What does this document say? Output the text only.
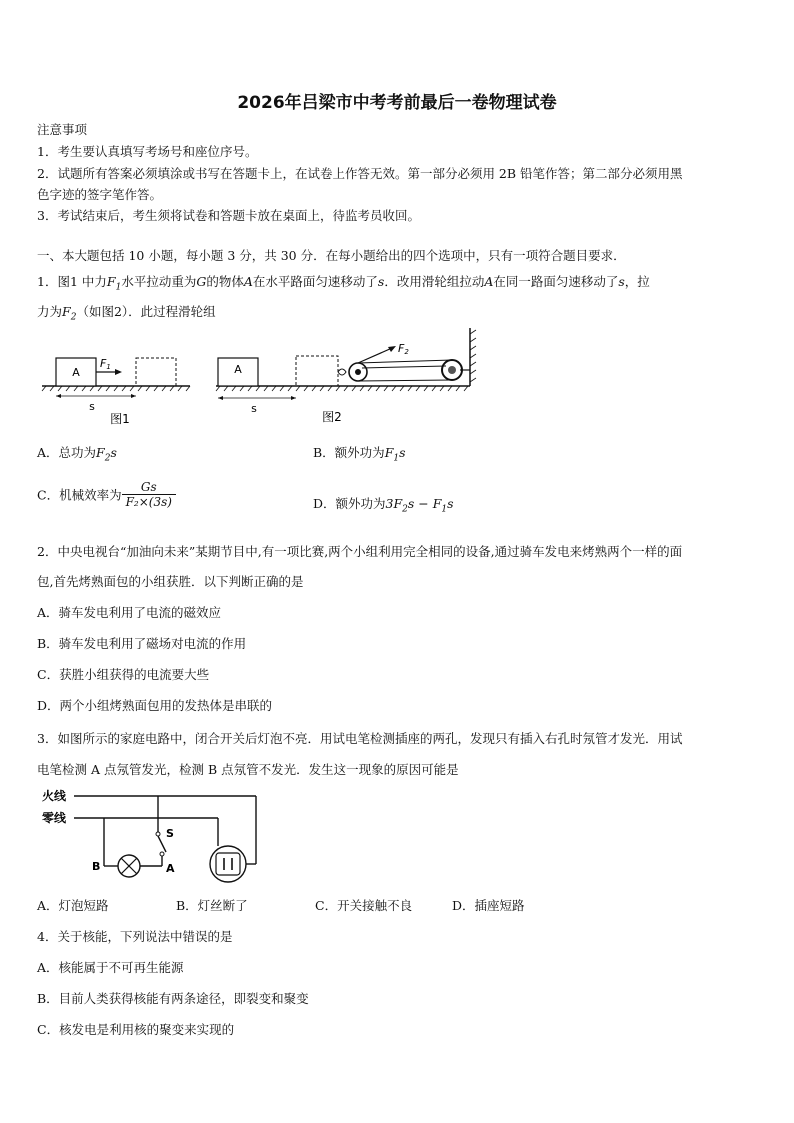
2026年吕梁市中考考前最后一卷物理试卷
注意事项
1．考生要认真填写考场号和座位序号。
2．试题所有答案必须填涂或书写在答题卡上，在试卷上作答无效。第一部分必须用 2B 铅笔作答；第二部分必须用黑
色字迹的签字笔作答。
3．考试结束后，考生须将试卷和答题卡放在桌面上，待监考员收回。
一、本大题包括 10 小题，每小题 3 分，共 30 分．在每小题给出的四个选项中，只有一项符合题目要求．
1．图1 中力$F_1$水平拉动重为G的物体A在水平路面匀速移动了s．改用滑轮组拉动A在同一路面匀速移动了s，拉
力为$F_2$（如图2）．此过程滑轮组
A
F1
s
图1
A
F2
s
图2
A．总功为$F_2s$	B．额外功为$F_1s$
C．机械效率为 $\frac{Gs}{\text{F₂×(3s)}}$	D．额外功为$3F_2s - F_1s$
2．中央电视台“加油向未来”某期节目中,有一项比赛,两个小组利用完全相同的设备,通过骑车发电来烤熟两个一样的面
包,首先烤熟面包的小组获胜．以下判断正确的是
A．骑车发电利用了电流的磁效应
B．骑车发电利用了磁场对电流的作用
C．获胜小组获得的电流要大些
D．两个小组烤熟面包用的发热体是串联的
3．如图所示的家庭电路中，闭合开关后灯泡不亮．用试电笔检测插座的两孔，发现只有插入右孔时氖管才发光．用试
电笔检测 A 点氖管发光，检测 B 点氖管不发光．发生这一现象的原因可能是
火线
零线
S
A
B
A．灯泡短路	B．灯丝断了	C．开关接触不良	D．插座短路
4．关于核能，下列说法中错误的是
A．核能属于不可再生能源
B．目前人类获得核能有两条途径，即裂变和聚变
C．核发电是利用核的聚变来实现的
